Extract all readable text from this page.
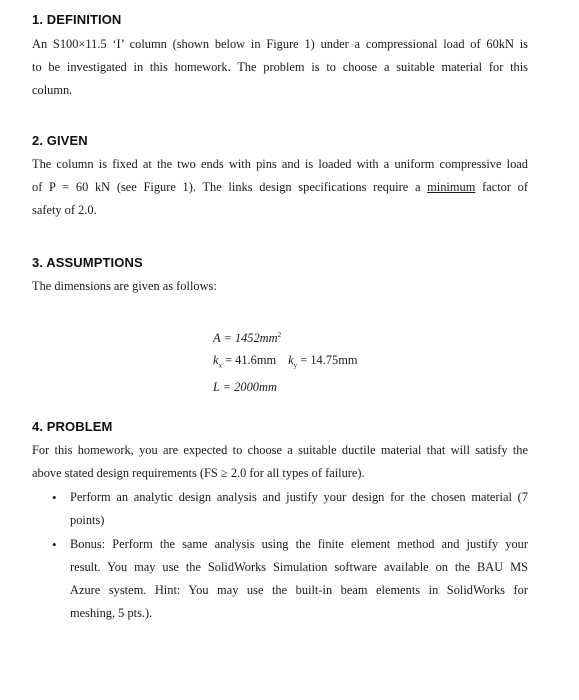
1. DEFINITION
An S100×11.5 ‘I’ column (shown below in Figure 1) under a compressional load of 60kN is
to be investigated in this homework. The problem is to choose a suitable material for this
column.
2. GIVEN
The column is fixed at the two ends with pins and is loaded with a uniform compressive load
of P = 60 kN (see Figure 1). The links design specifications require a minimum factor of
safety of 2.0.
3. ASSUMPTIONS
The dimensions are given as follows:
$A = 1452mm^2$
$k_x = 41.6mm$ $k_y = 14.75mm$
L = 2000mm
4. PROBLEM
For this homework, you are expected to choose a suitable ductile material that will satisfy the
above stated design requirements (FS ≥ 2.0 for all types of failure).
• Perform an analytic design analysis and justify your design for the chosen material (7
points)
• Bonus: Perform the same analysis using the finite element method and justify your
result. You may use the SolidWorks Simulation software available on the BAU MS
Azure system. Hint: You may use the built-in beam elements in SolidWorks for
meshing, 5 pts.).
